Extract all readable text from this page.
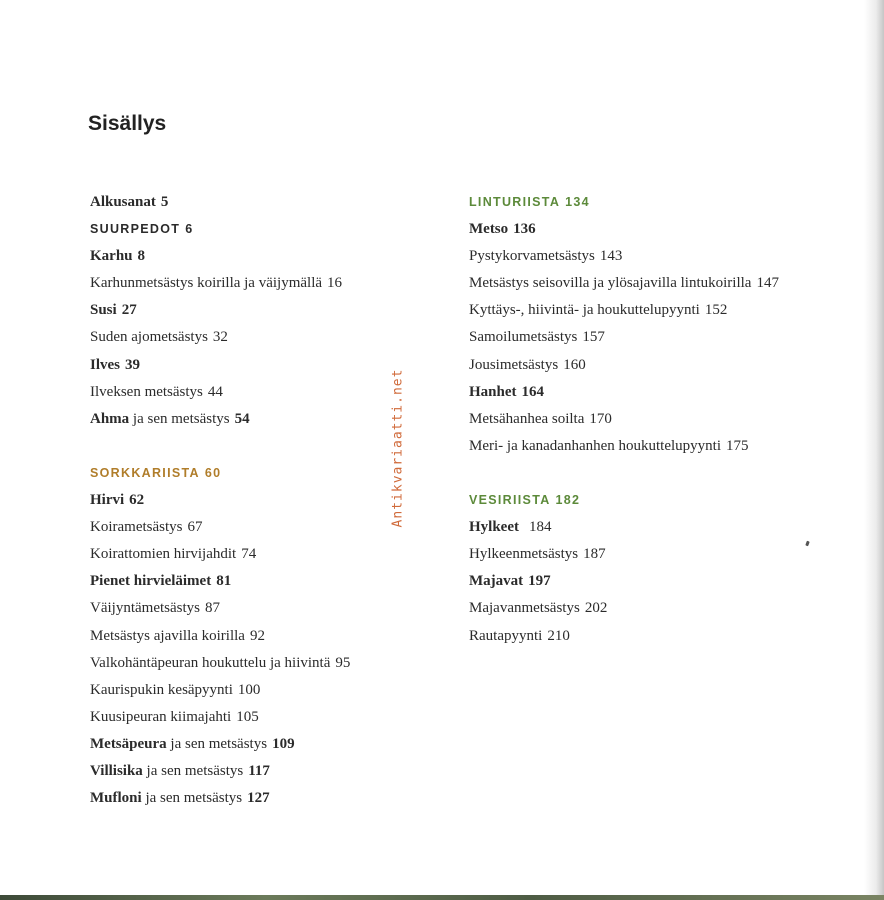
Sisällys
Alkusanat 5
SUURPEDOT 6
Karhu 8
Karhunmetsästys koirilla ja väijymällä 16
Susi 27
Suden ajometsästys 32
Ilves 39
Ilveksen metsästys 44
Ahma ja sen metsästys 54
SORKKARIISTA 60
Hirvi 62
Koirametsästys 67
Koirattomien hirvijahdit 74
Pienet hirvieläimet 81
Väijyntämetsästys 87
Metsästys ajavilla koirilla 92
Valkohäntäpeuran houkuttelu ja hiivintä 95
Kaurispukin kesäpyynti 100
Kuusipeuran kiimajahti 105
Metsäpeura ja sen metsästys 109
Villisika ja sen metsästys 117
Mufloni ja sen metsästys 127
LINTURIISTA 134
Metso 136
Pystykorvametsästys 143
Metsästys seisovilla ja ylösajavilla lintukoirilla 147
Kyttäys-, hiivintä- ja houkuttelupyynti 152
Samoilumetsästys 157
Jousimetsästys 160
Hanhet 164
Metsähanhea soilta 170
Meri- ja kanadanhanhen houkuttelupyynti 175
VESIRIISTA 182
Hylkeet 184
Hylkeenmetsästys 187
Majavat 197
Majavanmetsästys 202
Rautapyynti 210
Antikvariaatti.net
